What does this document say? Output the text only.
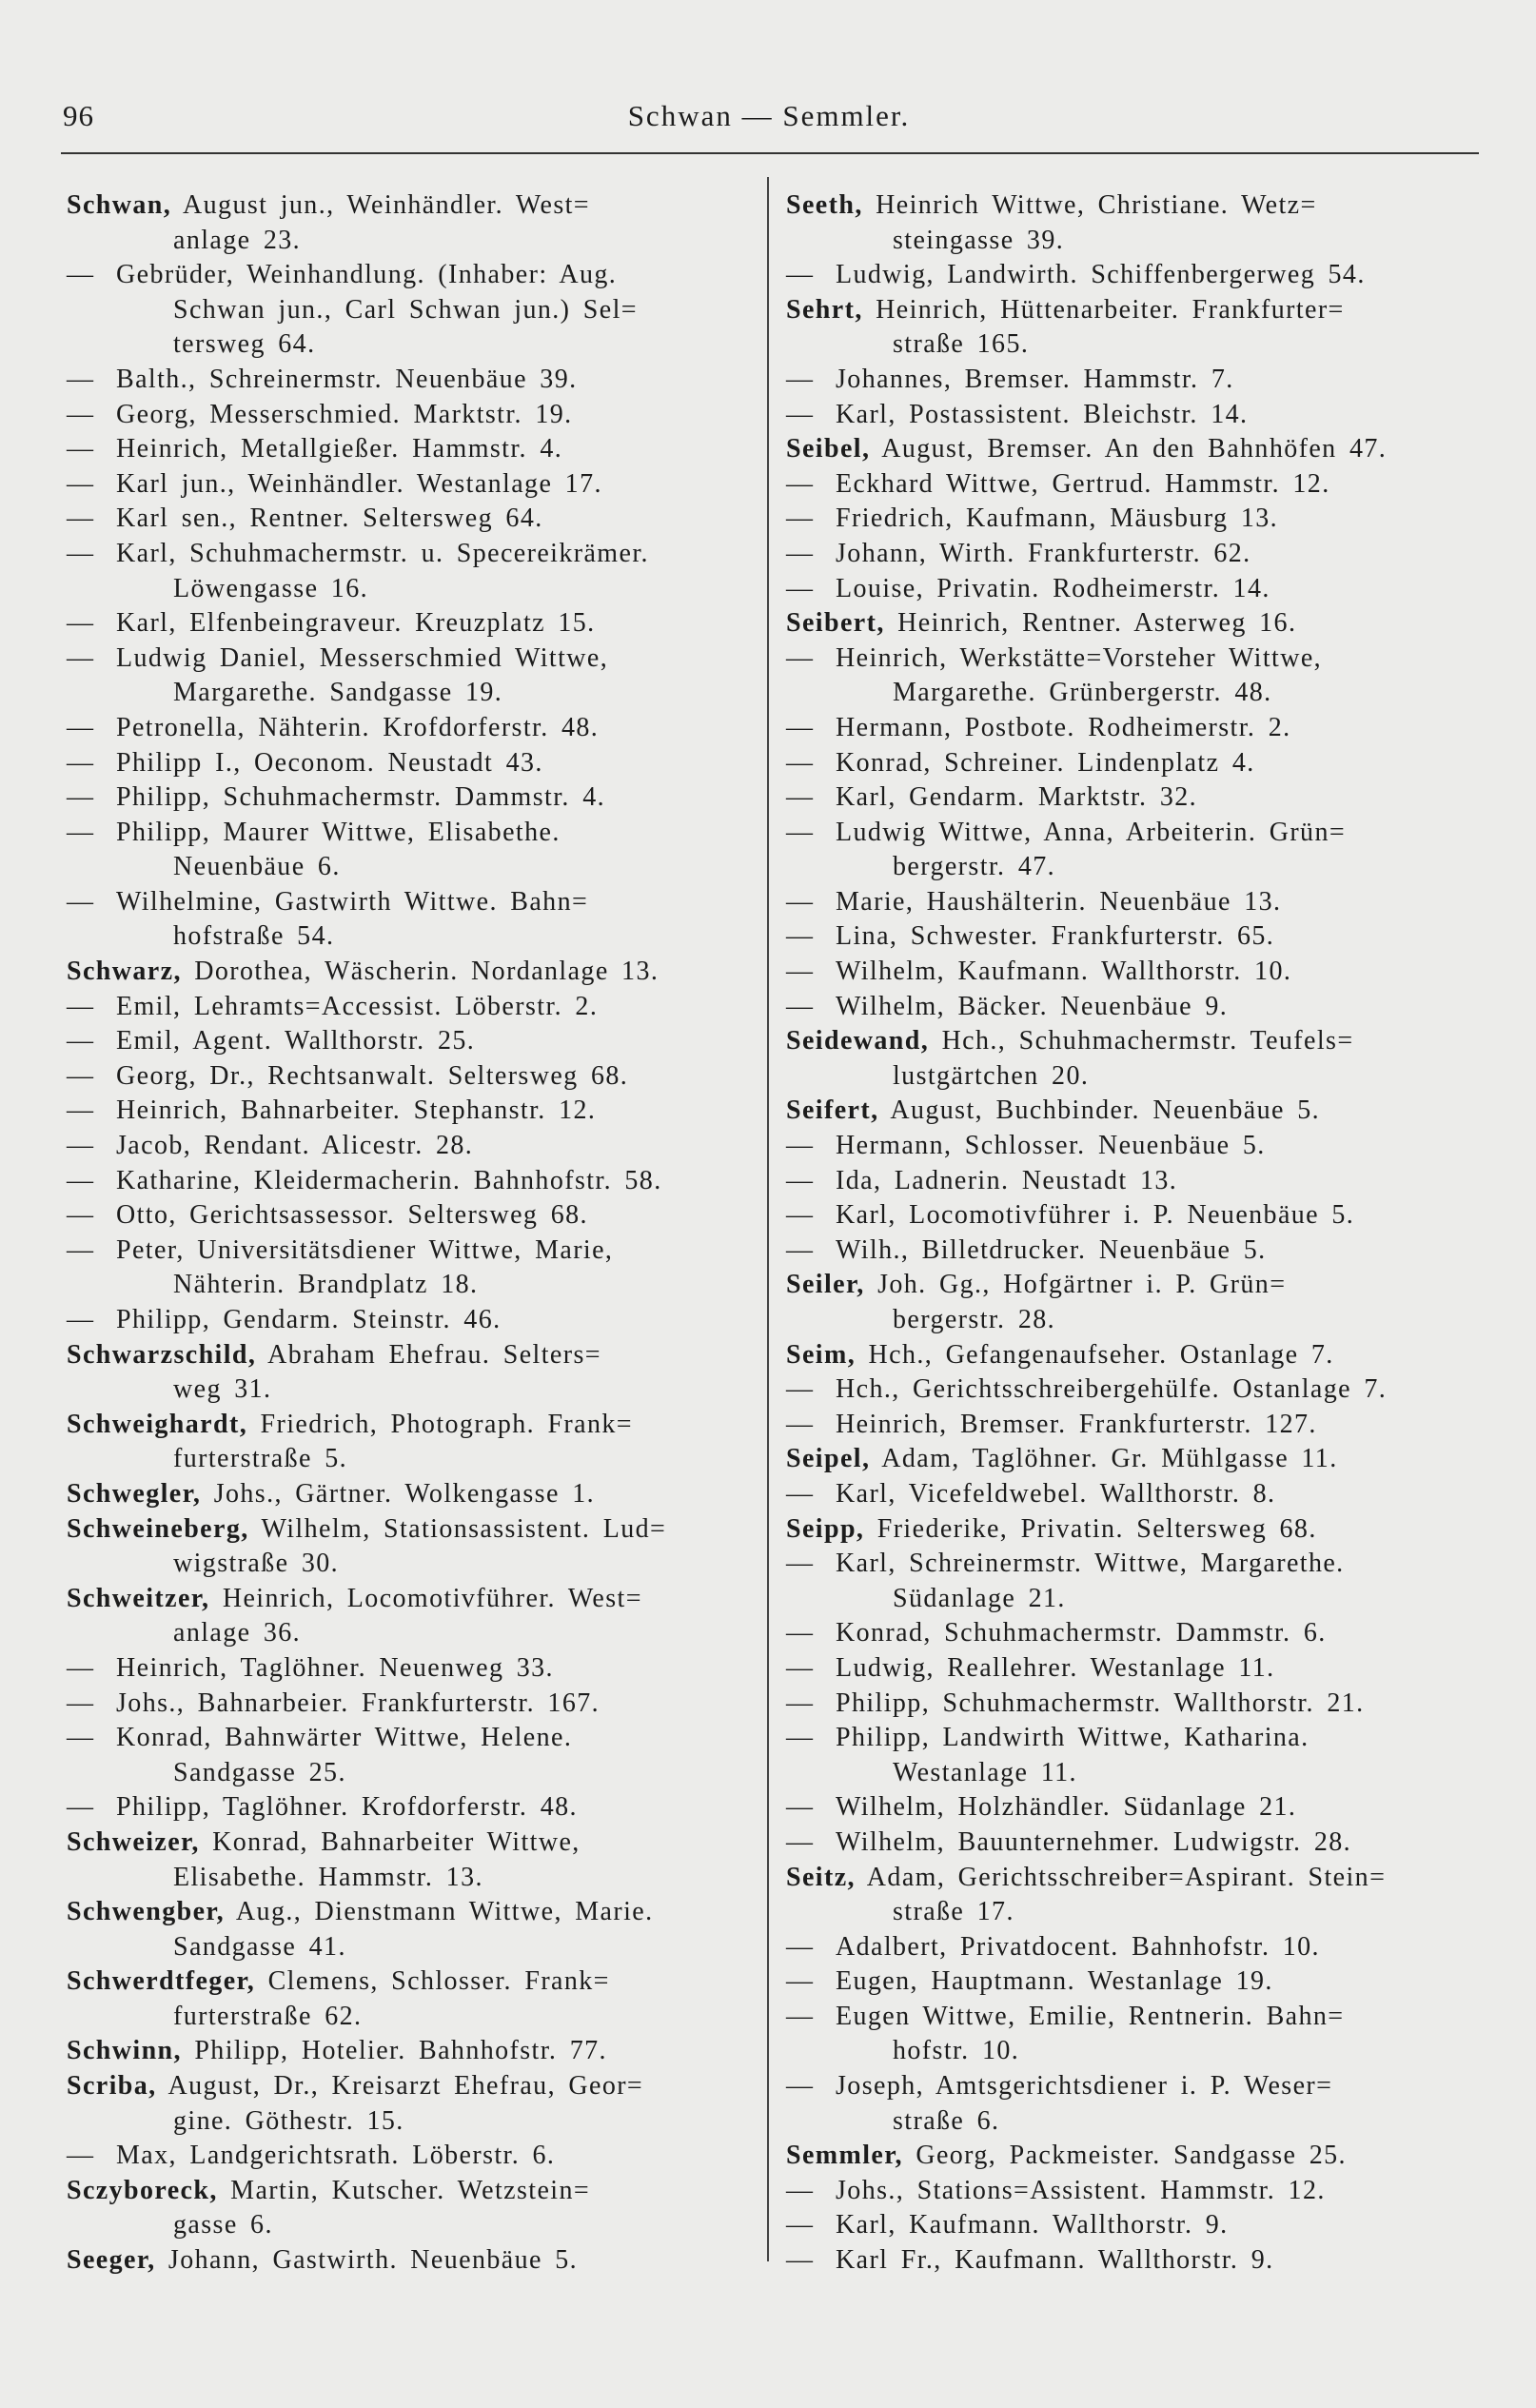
96	Schwan — Semmler.
Schwan, August jun., Weinhändler. West=
anlage 23.
— Gebrüder, Weinhandlung. (Inhaber: Aug.
Schwan jun., Carl Schwan jun.) Sel=
tersweg 64.
— Balth., Schreinermstr. Neuenbäue 39.
— Georg, Messerschmied. Marktstr. 19.
— Heinrich, Metallgießer. Hammstr. 4.
— Karl jun., Weinhändler. Westanlage 17.
— Karl sen., Rentner. Seltersweg 64.
— Karl, Schuhmachermstr. u. Specereikrämer.
Löwengasse 16.
— Karl, Elfenbeingraveur. Kreuzplatz 15.
— Ludwig Daniel, Messerschmied Wittwe,
Margarethe. Sandgasse 19.
— Petronella, Nähterin. Krofdorferstr. 48.
— Philipp I., Oeconom. Neustadt 43.
— Philipp, Schuhmachermstr. Dammstr. 4.
— Philipp, Maurer Wittwe, Elisabethe.
Neuenbäue 6.
— Wilhelmine, Gastwirth Wittwe. Bahn=
hofstraße 54.
Schwarz, Dorothea, Wäscherin. Nordanlage 13.
— Emil, Lehramts=Accessist. Löberstr. 2.
— Emil, Agent. Wallthorstr. 25.
— Georg, Dr., Rechtsanwalt. Seltersweg 68.
— Heinrich, Bahnarbeiter. Stephanstr. 12.
— Jacob, Rendant. Alicestr. 28.
— Katharine, Kleidermacherin. Bahnhofstr. 58.
— Otto, Gerichtsassessor. Seltersweg 68.
— Peter, Universitätsdiener Wittwe, Marie,
Nähterin. Brandplatz 18.
— Philipp, Gendarm. Steinstr. 46.
Schwarzschild, Abraham Ehefrau. Selters=
weg 31.
Schweighardt, Friedrich, Photograph. Frank=
furterstraße 5.
Schwegler, Johs., Gärtner. Wolkengasse 1.
Schweineberg, Wilhelm, Stationsassistent. Lud=
wigstraße 30.
Schweitzer, Heinrich, Locomotivführer. West=
anlage 36.
— Heinrich, Taglöhner. Neuenweg 33.
— Johs., Bahnarbeier. Frankfurterstr. 167.
— Konrad, Bahnwärter Wittwe, Helene.
Sandgasse 25.
— Philipp, Taglöhner. Krofdorferstr. 48.
Schweizer, Konrad, Bahnarbeiter Wittwe,
Elisabethe. Hammstr. 13.
Schwengber, Aug., Dienstmann Wittwe, Marie.
Sandgasse 41.
Schwerdtfeger, Clemens, Schlosser. Frank=
furterstraße 62.
Schwinn, Philipp, Hotelier. Bahnhofstr. 77.
Scriba, August, Dr., Kreisarzt Ehefrau, Geor=
gine. Göthestr. 15.
— Max, Landgerichtsrath. Löberstr. 6.
Sczyboreck, Martin, Kutscher. Wetzstein=
gasse 6.
Seeger, Johann, Gastwirth. Neuenbäue 5.
Seeth, Heinrich Wittwe, Christiane. Wetz=
steingasse 39.
— Ludwig, Landwirth. Schiffenbergerweg 54.
Sehrt, Heinrich, Hüttenarbeiter. Frankfurter=
straße 165.
— Johannes, Bremser. Hammstr. 7.
— Karl, Postassistent. Bleichstr. 14.
Seibel, August, Bremser. An den Bahnhöfen 47.
— Eckhard Wittwe, Gertrud. Hammstr. 12.
— Friedrich, Kaufmann, Mäusburg 13.
— Johann, Wirth. Frankfurterstr. 62.
— Louise, Privatin. Rodheimerstr. 14.
Seibert, Heinrich, Rentner. Asterweg 16.
— Heinrich, Werkstätte=Vorsteher Wittwe,
Margarethe. Grünbergerstr. 48.
— Hermann, Postbote. Rodheimerstr. 2.
— Konrad, Schreiner. Lindenplatz 4.
— Karl, Gendarm. Marktstr. 32.
— Ludwig Wittwe, Anna, Arbeiterin. Grün=
bergerstr. 47.
— Marie, Haushälterin. Neuenbäue 13.
— Lina, Schwester. Frankfurterstr. 65.
— Wilhelm, Kaufmann. Wallthorstr. 10.
— Wilhelm, Bäcker. Neuenbäue 9.
Seidewand, Hch., Schuhmachermstr. Teufels=
lustgärtchen 20.
Seifert, August, Buchbinder. Neuenbäue 5.
— Hermann, Schlosser. Neuenbäue 5.
— Ida, Ladnerin. Neustadt 13.
— Karl, Locomotivführer i. P. Neuenbäue 5.
— Wilh., Billetdrucker. Neuenbäue 5.
Seiler, Joh. Gg., Hofgärtner i. P. Grün=
bergerstr. 28.
Seim, Hch., Gefangenaufseher. Ostanlage 7.
— Hch., Gerichtsschreibergehülfe. Ostanlage 7.
— Heinrich, Bremser. Frankfurterstr. 127.
Seipel, Adam, Taglöhner. Gr. Mühlgasse 11.
— Karl, Vicefeldwebel. Wallthorstr. 8.
Seipp, Friederike, Privatin. Seltersweg 68.
— Karl, Schreinermstr. Wittwe, Margarethe.
Südanlage 21.
— Konrad, Schuhmachermstr. Dammstr. 6.
— Ludwig, Reallehrer. Westanlage 11.
— Philipp, Schuhmachermstr. Wallthorstr. 21.
— Philipp, Landwirth Wittwe, Katharina.
Westanlage 11.
— Wilhelm, Holzhändler. Südanlage 21.
— Wilhelm, Bauunternehmer. Ludwigstr. 28.
Seitz, Adam, Gerichtsschreiber=Aspirant. Stein=
straße 17.
— Adalbert, Privatdocent. Bahnhofstr. 10.
— Eugen, Hauptmann. Westanlage 19.
— Eugen Wittwe, Emilie, Rentnerin. Bahn=
hofstr. 10.
— Joseph, Amtsgerichtsdiener i. P. Weser=
straße 6.
Semmler, Georg, Packmeister. Sandgasse 25.
— Johs., Stations=Assistent. Hammstr. 12.
— Karl, Kaufmann. Wallthorstr. 9.
— Karl Fr., Kaufmann. Wallthorstr. 9.
